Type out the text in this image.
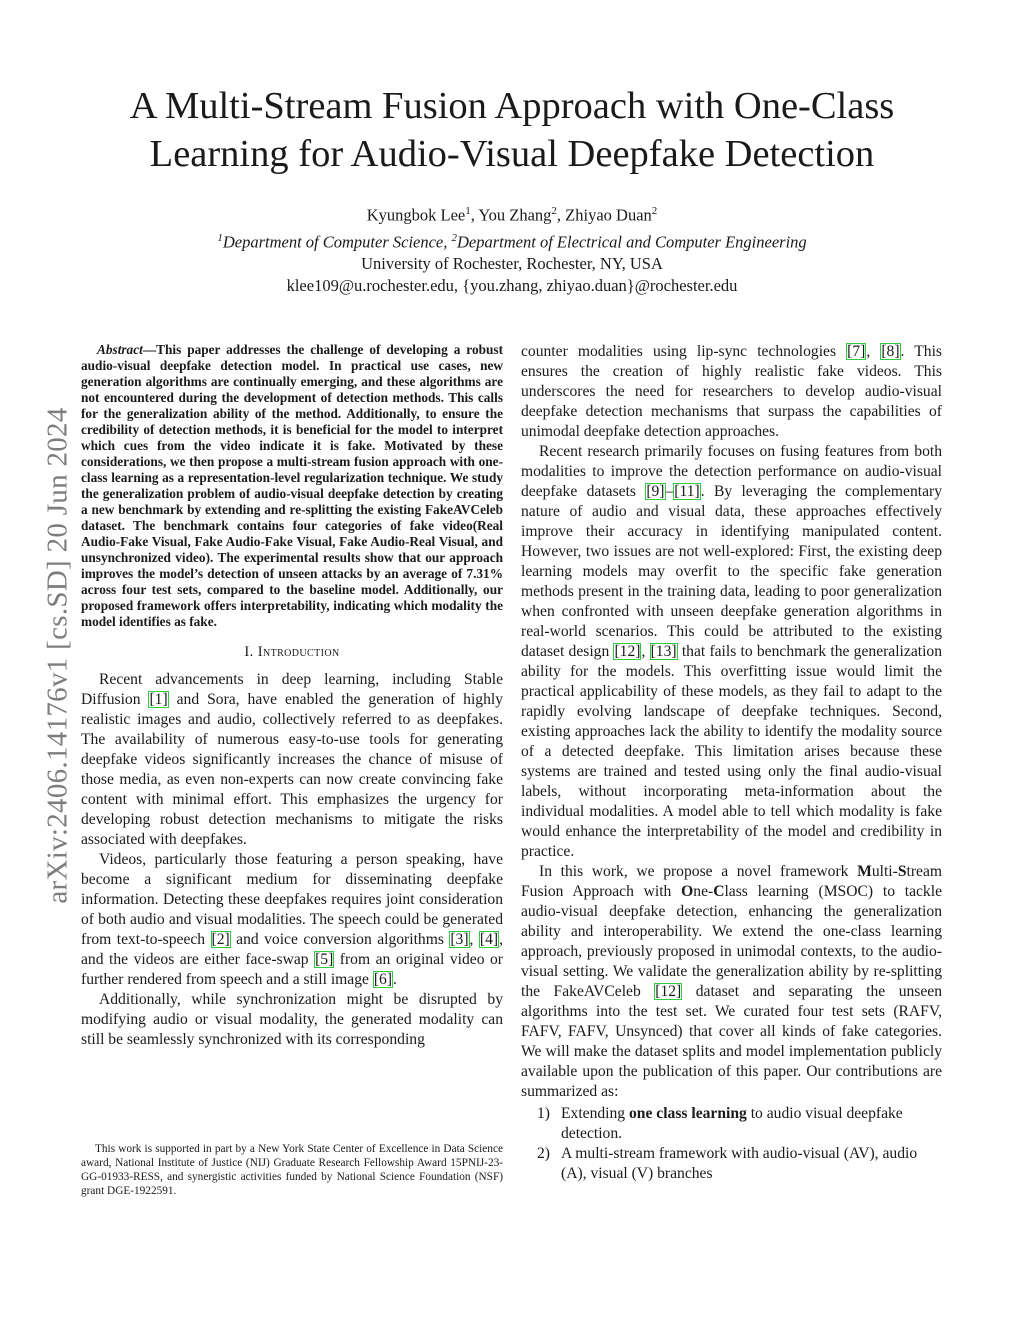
arXiv:2406.14176v1 [cs.SD] 20 Jun 2024
A Multi-Stream Fusion Approach with One-Class Learning for Audio-Visual Deepfake Detection
Kyungbok Lee$^1$, You Zhang$^2$, Zhiyao Duan$^2$
$^1$Department of Computer Science, $^2$Department of Electrical and Computer Engineering
University of Rochester, Rochester, NY, USA
klee109@u.rochester.edu, {you.zhang, zhiyao.duan}@rochester.edu

Abstract—This paper addresses the challenge of developing a robust audio-visual deepfake detection model. In practical use cases, new generation algorithms are continually emerging, and these algorithms are not encountered during the development of detection methods. This calls for the generalization ability of the method. Additionally, to ensure the credibility of detection methods, it is beneficial for the model to interpret which cues from the video indicate it is fake. Motivated by these considerations, we then propose a multi-stream fusion approach with one-class learning as a representation-level regularization technique. We study the generalization problem of audio-visual deepfake detection by creating a new benchmark by extending and re-splitting the existing FakeAVCeleb dataset. The benchmark contains four categories of fake video(Real Audio-Fake Visual, Fake Audio-Fake Visual, Fake Audio-Real Visual, and unsynchronized video). The experimental results show that our approach improves the model’s detection of unseen attacks by an average of 7.31% across four test sets, compared to the baseline model. Additionally, our proposed framework offers interpretability, indicating which modality the model identifies as fake.

I. Introduction

Recent advancements in deep learning, including Stable Diffusion [1] and Sora, have enabled the generation of highly realistic images and audio, collectively referred to as deepfakes. The availability of numerous easy-to-use tools for generating deepfake videos significantly increases the chance of misuse of those media, as even non-experts can now create convincing fake content with minimal effort. This emphasizes the urgency for developing robust detection mechanisms to mitigate the risks associated with deepfakes.

Videos, particularly those featuring a person speaking, have become a significant medium for disseminating deepfake information. Detecting these deepfakes requires joint consideration of both audio and visual modalities. The speech could be generated from text-to-speech [2] and voice conversion algorithms [3], [4], and the videos are either face-swap [5] from an original video or further rendered from speech and a still image [6].

Additionally, while synchronization might be disrupted by modifying audio or visual modality, the generated modality can still be seamlessly synchronized with its corresponding

This work is supported in part by a New York State Center of Excellence in Data Science award, National Institute of Justice (NIJ) Graduate Research Fellowship Award 15PNIJ-23-GG-01933-RESS, and synergistic activities funded by National Science Foundation (NSF) grant DGE-1922591.

counter modalities using lip-sync technologies [7], [8]. This ensures the creation of highly realistic fake videos. This underscores the need for researchers to develop audio-visual deepfake detection mechanisms that surpass the capabilities of unimodal deepfake detection approaches.

Recent research primarily focuses on fusing features from both modalities to improve the detection performance on audio-visual deepfake datasets [9]–[11]. By leveraging the complementary nature of audio and visual data, these approaches effectively improve their accuracy in identifying manipulated content. However, two issues are not well-explored: First, the existing deep learning models may overfit to the specific fake generation methods present in the training data, leading to poor generalization when confronted with unseen deepfake generation algorithms in real-world scenarios. This could be attributed to the existing dataset design [12], [13] that fails to benchmark the generalization ability for the models. This overfitting issue would limit the practical applicability of these models, as they fail to adapt to the rapidly evolving landscape of deepfake techniques. Second, existing approaches lack the ability to identify the modality source of a detected deepfake. This limitation arises because these systems are trained and tested using only the final audio-visual labels, without incorporating meta-information about the individual modalities. A model able to tell which modality is fake would enhance the interpretability of the model and credibility in practice.

In this work, we propose a novel framework Multi-Stream Fusion Approach with One-Class learning (MSOC) to tackle audio-visual deepfake detection, enhancing the generalization ability and interoperability. We extend the one-class learning approach, previously proposed in unimodal contexts, to the audio-visual setting. We validate the generalization ability by re-splitting the FakeAVCeleb [12] dataset and separating the unseen algorithms into the test set. We curated four test sets (RAFV, FAFV, FAFV, Unsynced) that cover all kinds of fake categories. We will make the dataset splits and model implementation publicly available upon the publication of this paper. Our contributions are summarized as:

1) Extending one class learning to audio visual deepfake detection.
2) A multi-stream framework with audio-visual (AV), audio (A), visual (V) branches
